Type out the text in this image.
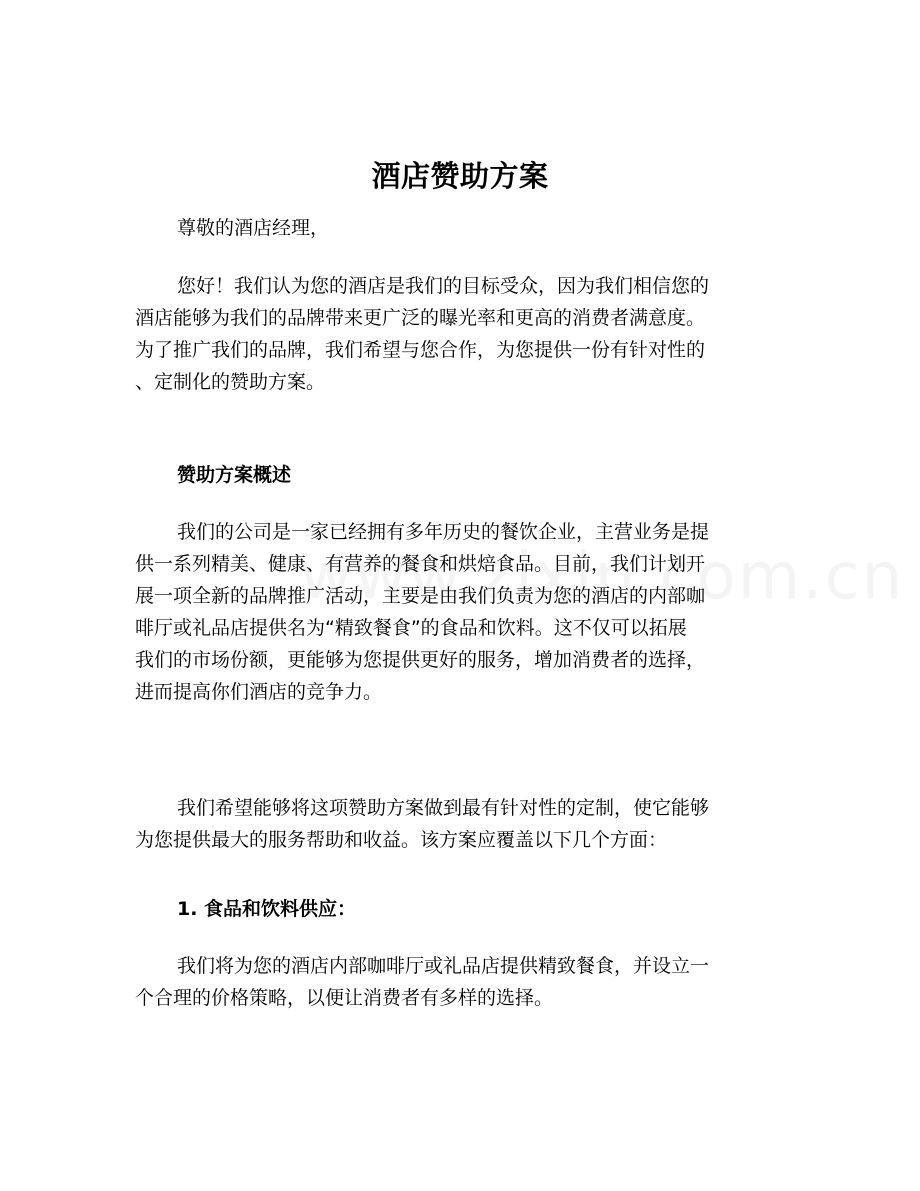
酒店赞助方案

尊敬的酒店经理，

您好！我们认为您的酒店是我们的目标受众，因为我们相信您的
酒店能够为我们的品牌带来更广泛的曝光率和更高的消费者满意度。
为了推广我们的品牌，我们希望与您合作，为您提供一份有针对性的
、定制化的赞助方案。

赞助方案概述

我们的公司是一家已经拥有多年历史的餐饮企业，主营业务是提
供一系列精美、健康、有营养的餐食和烘焙食品。目前，我们计划开
展一项全新的品牌推广活动，主要是由我们负责为您的酒店的内部咖
啡厅或礼品店提供名为“精致餐食”的食品和饮料。这不仅可以拓展
我们的市场份额，更能够为您提供更好的服务，增加消费者的选择，
进而提高你们酒店的竞争力。

我们希望能够将这项赞助方案做到最有针对性的定制，使它能够
为您提供最大的服务帮助和收益。该方案应覆盖以下几个方面：

1. 食品和饮料供应：

我们将为您的酒店内部咖啡厅或礼品店提供精致餐食，并设立一
个合理的价格策略，以便让消费者有多样的选择。
